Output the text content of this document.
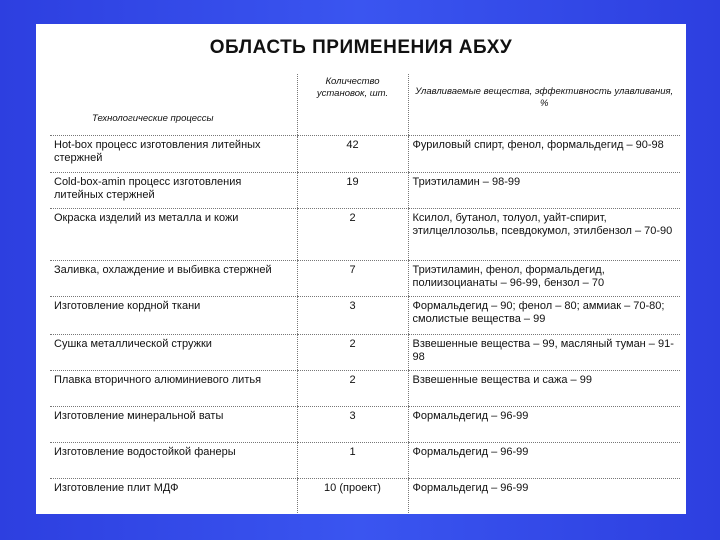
ОБЛАСТЬ ПРИМЕНЕНИЯ АБХУ
Технологические процессы	Количество установок, шт.	Улавливаемые вещества, эффективность улавливания, %
Hot-box процесс изготовления литейных стержней	42	Фуриловый спирт, фенол, формальдегид – 90-98
Cold-box-amin процесс изготовления литейных стержней	19	Триэтиламин – 98-99
Окраска изделий из металла и кожи	2	Ксилол, бутанол, толуол, уайт-спирит, этилцеллозольв, псевдокумол, этилбензол – 70-90
Заливка, охлаждение и выбивка стержней	7	Триэтиламин, фенол, формальдегид, полиизоцианаты – 96-99, бензол – 70
Изготовление кордной ткани	3	Формальдегид – 90; фенол – 80; аммиак – 70-80; смолистые вещества – 99
Сушка металлической стружки	2	Взвешенные вещества – 99, масляный туман – 91-98
Плавка вторичного алюминиевого литья	2	Взвешенные вещества и сажа – 99
Изготовление минеральной ваты	3	Формальдегид – 96-99
Изготовление водостойкой фанеры	1	Формальдегид – 96-99
Изготовление плит МДФ	10 (проект)	Формальдегид – 96-99
